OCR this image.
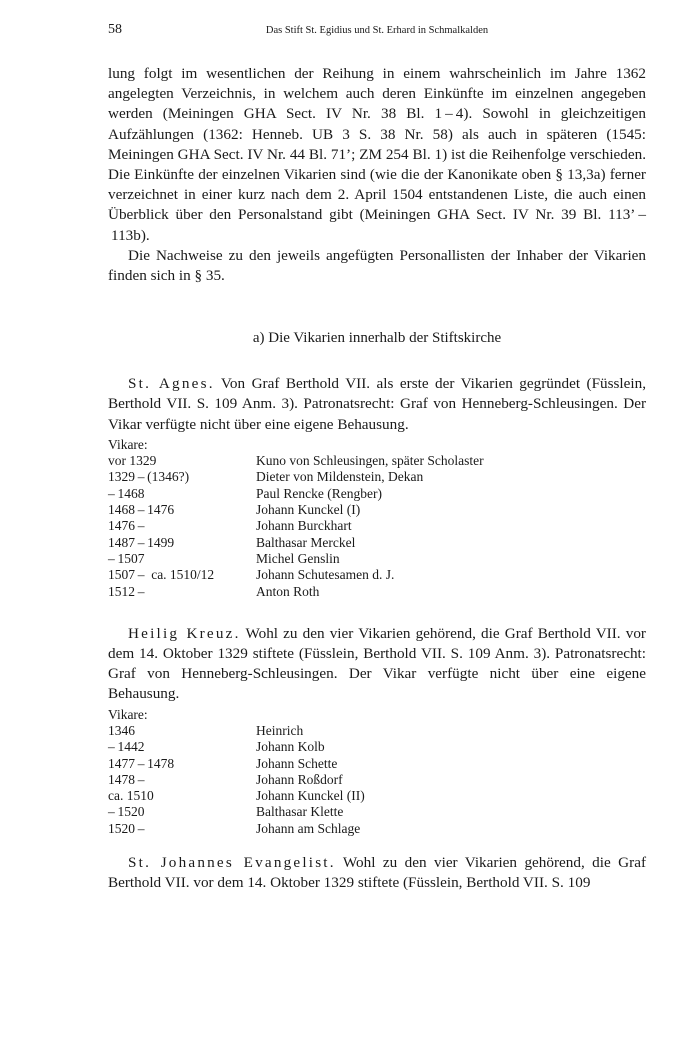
58	Das Stift St. Egidius und St. Erhard in Schmalkalden

lung folgt im wesentlichen der Reihung in einem wahrscheinlich im Jahre 1362 angelegten Verzeichnis, in welchem auch deren Einkünfte im einzelnen angegeben werden (Meiningen GHA Sect. IV Nr. 38 Bl. 1 – 4). Sowohl in gleichzeitigen Aufzählungen (1362: Henneb. UB 3 S. 38 Nr. 58) als auch in späteren (1545: Meiningen GHA Sect. IV Nr. 44 Bl. 71’; ZM 254 Bl. 1) ist die Reihenfolge verschieden. Die Einkünfte der einzelnen Vikarien sind (wie die der Kanonikate oben § 13,3a) ferner verzeichnet in einer kurz nach dem 2. April 1504 entstandenen Liste, die auch einen Überblick über den Personalstand gibt (Meiningen GHA Sect. IV Nr. 39 Bl. 113’ – 113b).

Die Nachweise zu den jeweils angefügten Personallisten der Inhaber der Vikarien finden sich in § 35.

a) Die Vikarien innerhalb der Stiftskirche

St. Agnes. Von Graf Berthold VII. als erste der Vikarien gegründet (Füsslein, Berthold VII. S. 109 Anm. 3). Patronatsrecht: Graf von Henneberg-Schleusingen. Der Vikar verfügte nicht über eine eigene Behausung.

Vikare:
vor 1329	Kuno von Schleusingen, später Scholaster
1329 – (1346?)	Dieter von Mildenstein, Dekan
– 1468	Paul Rencke (Rengber)
1468 – 1476	Johann Kunckel (I)
1476 –	Johann Burckhart
1487 – 1499	Balthasar Merckel
– 1507	Michel Genslin
1507 –  ca. 1510/12	Johann Schutesamen d. J.
1512 –	Anton Roth

Heilig Kreuz. Wohl zu den vier Vikarien gehörend, die Graf Berthold VII. vor dem 14. Oktober 1329 stiftete (Füsslein, Berthold VII. S. 109 Anm. 3). Patronatsrecht: Graf von Henneberg-Schleusingen. Der Vikar verfügte nicht über eine eigene Behausung.

Vikare:
1346	Heinrich
– 1442	Johann Kolb
1477 – 1478	Johann Schette
1478 –	Johann Roßdorf
ca. 1510	Johann Kunckel (II)
– 1520	Balthasar Klette
1520 –	Johann am Schlage

St. Johannes Evangelist. Wohl zu den vier Vikarien gehörend, die Graf Berthold VII. vor dem 14. Oktober 1329 stiftete (Füsslein, Berthold VII. S. 109
